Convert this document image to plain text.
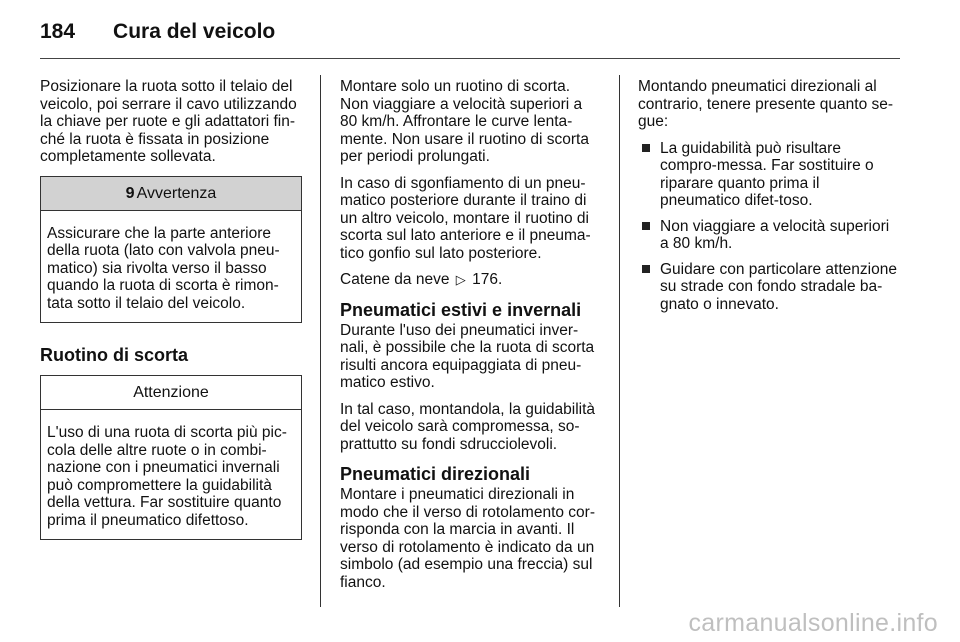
184 Cura del veicolo

Posizionare la ruota sotto il telaio del veicolo, poi serrare il cavo utilizzando la chiave per ruote e gli adattatori fin-ché la ruota è fissata in posizione completamente sollevata.

9 Avvertenza
Assicurare che la parte anteriore della ruota (lato con valvola pneu-matico) sia rivolta verso il basso quando la ruota di scorta è rimon-tata sotto il telaio del veicolo.
Ruotino di scorta
Attenzione
L'uso di una ruota di scorta più pic-cola delle altre ruote o in combi-nazione con i pneumatici invernali può compromettere la guidabilità della vettura. Far sostituire quanto prima il pneumatico difettoso.

Montare solo un ruotino di scorta. Non viaggiare a velocità superiori a 80 km/h. Affrontare le curve lenta-mente. Non usare il ruotino di scorta per periodi prolungati.

In caso di sgonfiamento di un pneu-matico posteriore durante il traino di un altro veicolo, montare il ruotino di scorta sul lato anteriore e il pneuma-tico gonfio sul lato posteriore.

Catene da neve ▷ 176.

Pneumatici estivi e invernali

Durante l'uso dei pneumatici inver-nali, è possibile che la ruota di scorta risulti ancora equipaggiata di pneu-matico estivo.

In tal caso, montandola, la guidabilità del veicolo sarà compromessa, so-prattutto su fondi sdrucciolevoli.

Pneumatici direzionali

Montare i pneumatici direzionali in modo che il verso di rotolamento cor-risponda con la marcia in avanti. Il verso di rotolamento è indicato da un simbolo (ad esempio una freccia) sul fianco.

Montando pneumatici direzionali al contrario, tenere presente quanto se-gue:

La guidabilità può risultare compro-messa. Far sostituire o riparare quanto prima il pneumatico difet-toso.
Non viaggiare a velocità superiori a 80 km/h.
Guidare con particolare attenzione su strade con fondo stradale ba-gnato o innevato.
carmanualsonline.info
